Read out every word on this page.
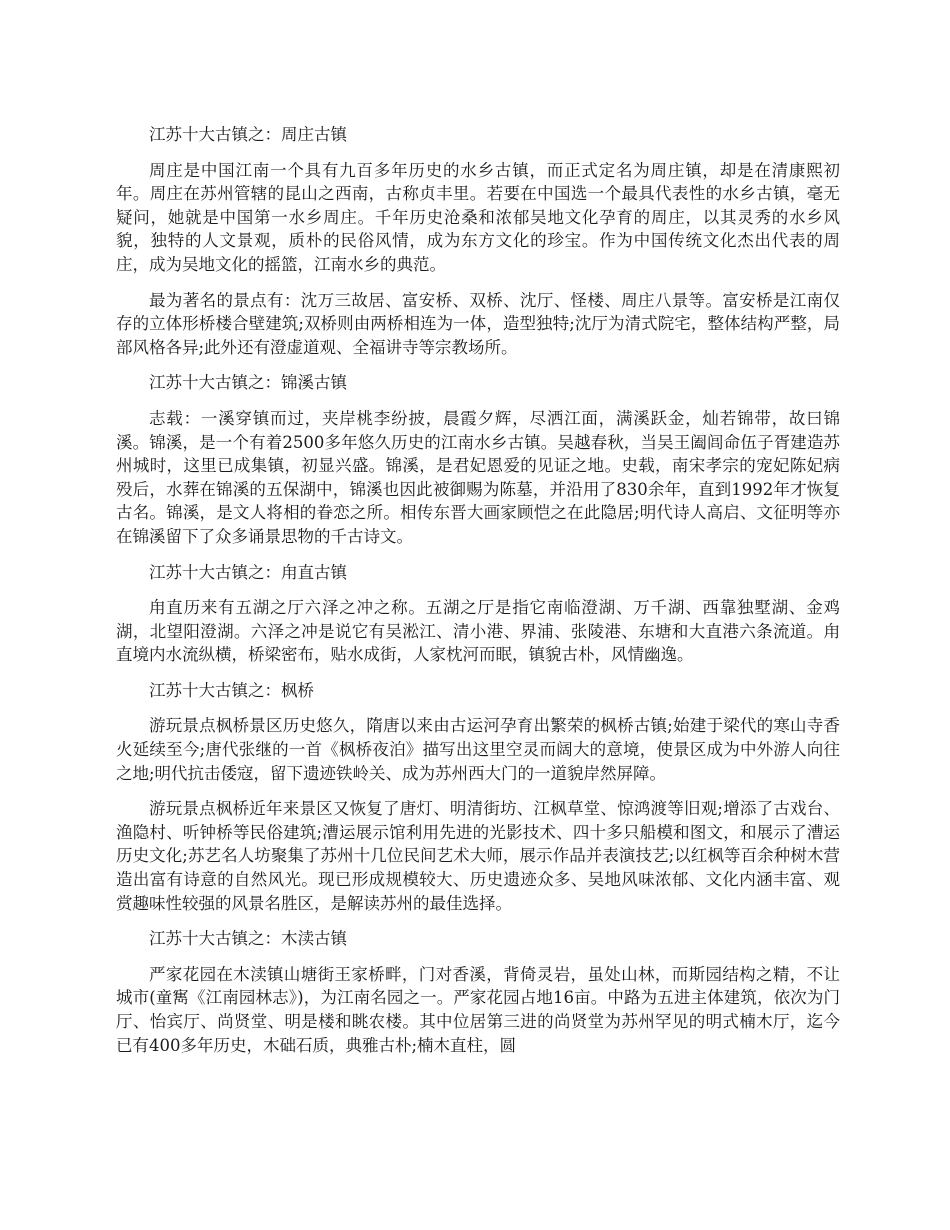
江苏十大古镇之：周庄古镇

周庄是中国江南一个具有九百多年历史的水乡古镇，而正式定名为周庄镇，却是在清康熙初年。周庄在苏州管辖的昆山之西南，古称贞丰里。若要在中国选一个最具代表性的水乡古镇，毫无疑问，她就是中国第一水乡周庄。千年历史沧桑和浓郁吴地文化孕育的周庄，以其灵秀的水乡风貌，独特的人文景观，质朴的民俗风情，成为东方文化的珍宝。作为中国传统文化杰出代表的周庄，成为吴地文化的摇篮，江南水乡的典范。

最为著名的景点有：沈万三故居、富安桥、双桥、沈厅、怪楼、周庄八景等。富安桥是江南仅存的立体形桥楼合壁建筑;双桥则由两桥相连为一体，造型独特;沈厅为清式院宅，整体结构严整，局部风格各异;此外还有澄虚道观、全福讲寺等宗教场所。

江苏十大古镇之：锦溪古镇

志载：一溪穿镇而过，夹岸桃李纷披，晨霞夕辉，尽洒江面，满溪跃金，灿若锦带，故曰锦溪。锦溪，是一个有着2500多年悠久历史的江南水乡古镇。吴越春秋，当吴王阖闾命伍子胥建造苏州城时，这里已成集镇，初显兴盛。锦溪，是君妃恩爱的见证之地。史载，南宋孝宗的宠妃陈妃病殁后，水葬在锦溪的五保湖中，锦溪也因此被御赐为陈墓，并沿用了830余年，直到1992年才恢复古名。锦溪，是文人将相的眷恋之所。相传东晋大画家顾恺之在此隐居;明代诗人高启、文征明等亦在锦溪留下了众多诵景思物的千古诗文。

江苏十大古镇之：甪直古镇

甪直历来有五湖之厅六泽之冲之称。五湖之厅是指它南临澄湖、万千湖、西靠独墅湖、金鸡湖，北望阳澄湖。六泽之冲是说它有吴淞江、清小港、界浦、张陵港、东塘和大直港六条流道。甪直境内水流纵横，桥梁密布，贴水成街，人家枕河而眠，镇貌古朴，风情幽逸。

江苏十大古镇之：枫桥

游玩景点枫桥景区历史悠久，隋唐以来由古运河孕育出繁荣的枫桥古镇;始建于梁代的寒山寺香火延续至今;唐代张继的一首《枫桥夜泊》描写出这里空灵而阔大的意境，使景区成为中外游人向往之地;明代抗击倭寇，留下遗迹铁岭关、成为苏州西大门的一道貌岸然屏障。

游玩景点枫桥近年来景区又恢复了唐灯、明清街坊、江枫草堂、惊鸿渡等旧观;增添了古戏台、渔隐村、听钟桥等民俗建筑;漕运展示馆利用先进的光影技术、四十多只船模和图文，和展示了漕运历史文化;苏艺名人坊聚集了苏州十几位民间艺术大师，展示作品并表演技艺;以红枫等百余种树木营造出富有诗意的自然风光。现已形成规模较大、历史遗迹众多、吴地风味浓郁、文化内涵丰富、观赏趣味性较强的风景名胜区，是解读苏州的最佳选择。

江苏十大古镇之：木渎古镇

严家花园在木渎镇山塘街王家桥畔，门对香溪，背倚灵岩，虽处山林，而斯园结构之精，不让城市(童寯《江南园林志》)，为江南名园之一。严家花园占地16亩。中路为五进主体建筑，依次为门厅、怡宾厅、尚贤堂、明是楼和眺农楼。其中位居第三进的尚贤堂为苏州罕见的明式楠木厅，迄今已有400多年历史，木础石质，典雅古朴;楠木直柱，圆
